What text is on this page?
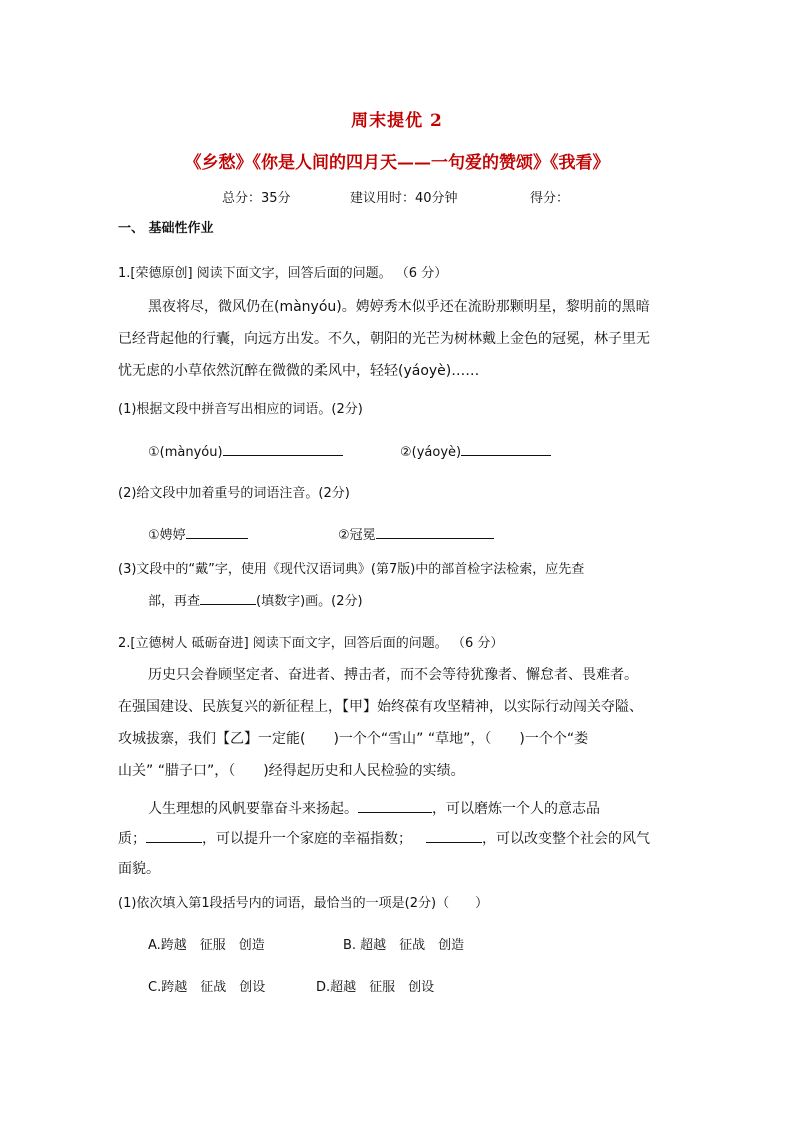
周末提优 2
《乡愁》《你是人间的四月天——一句爱的赞颂》《我看》
总分：35分	建议用时：40分钟	得分：
一、 基础性作业
1.[荣德原创] 阅读下面文字，回答后面的问题。 （6 分）
黑夜将尽，微风仍在(mànyóu)。娉婷秀木似乎还在流盼那颗明星，黎明前的黑暗
已经背起他的行囊，向远方出发。不久，朝阳的光芒为树林戴上金色的冠冕，林子里无
忧无虑的小草依然沉醉在微微的柔风中，轻轻(yáoyè)……
(1)根据文段中拼音写出相应的词语。(2分)
①(mànyóu)	②(yáoyè)
(2)给文段中加着重号的词语注音。(2分)
①娉婷	②冠冕
(3)文段中的“戴”字，使用《现代汉语词典》(第7版)中的部首检字法检索，应先查
部，再查	(填数字)画。(2分)
2.[立德树人 砥砺奋进] 阅读下面文字，回答后面的问题。 （6 分）
历史只会眷顾坚定者、奋进者、搏击者，而不会等待犹豫者、懈怠者、畏难者。
在强国建设、民族复兴的新征程上，【甲】始终葆有攻坚精神，以实际行动闯关夺隘、
攻城拔寨，我们【乙】一定能(　　)一个个“雪山” “草地”，（　　)一个个“娄
山关” “腊子口”，（　　)经得起历史和人民检验的实绩。
人生理想的风帆要靠奋斗来扬起。	，可以磨炼一个人的意志品
质；	，可以提升一个家庭的幸福指数；	，可以改变整个社会的风气
面貌。
(1)依次填入第1段括号内的词语，最恰当的一项是(2分)（　　）
A.跨越　征服　创造	B. 超越　征战　创造
C.跨越　征战　创设	D.超越　征服　创设
